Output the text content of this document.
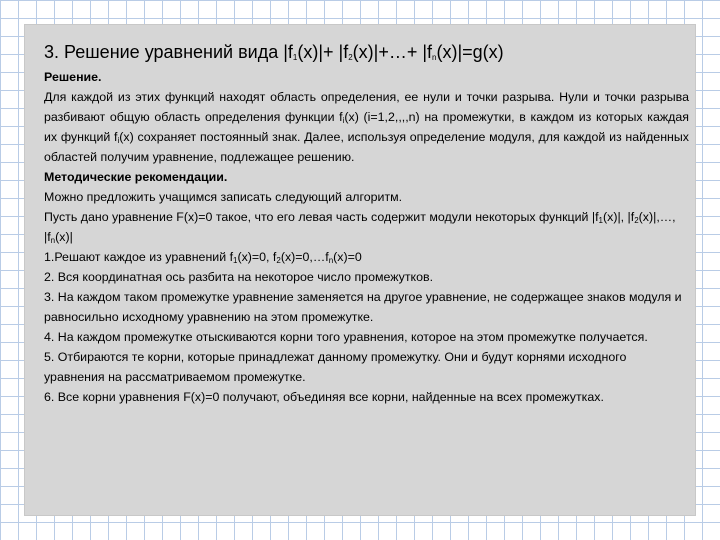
3. Решение уравнений вида $|f_1(x)|+$ $|f_2(x)|+\dots+ |f_n(x)|=g(x)$

Решение.

Для каждой из этих функций находят область определения, ее нули и точки разрыва. Нули и точки разрыва разбивают общую область определения функции $f_i(x)$ (i=1,2,,,,n) на промежутки, в каждом из которых каждая их функций $f_i(x)$ сохраняет постоянный знак. Далее, используя определение модуля, для каждой из найденных областей получим уравнение, подлежащее решению.

Методические рекомендации.

Можно предложить учащимся записать следующий алгоритм.

Пусть дано уравнение F(x)=0 такое, что его левая часть содержит модули некоторых функций $|f_1(x)|$, $|f_2(x)|,\dots$, $|f_n(x)|$

1.Решают каждое из уравнений $f_1(x)=0$, $f_2(x)=0,\dots f_n(x)=0$

2. Вся координатная ось разбита на некоторое число промежутков.

3. На каждом таком промежутке уравнение заменяется на другое уравнение, не содержащее знаков модуля и равносильно исходному уравнению на этом промежутке.

4. На каждом промежутке отыскиваются корни того уравнения, которое на этом промежутке получается.

5. Отбираются те корни, которые принадлежат данному промежутку. Они и будут корнями исходного уравнения на рассматриваемом промежутке.

6. Все корни уравнения F(x)=0 получают, объединяя все корни, найденные на всех промежутках.
